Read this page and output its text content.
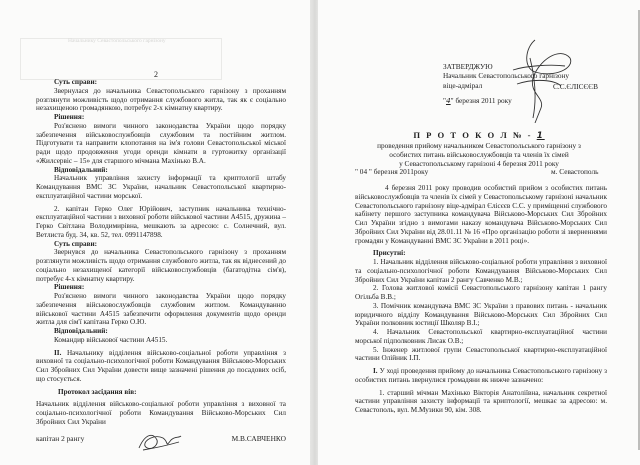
Начальнику Севастопольського гарнізону
2

Суть справи:

Звернулася до начальника Севастопольського гарнізону з проханням розглянути можливість щодо отримання службового житла, так як є соціально незахищеною громадянкою, потребує 2-х кімнатну квартиру.

Рішення:

Роз'яснено вимоги чинного законодавства України щодо порядку забезпечення військовослужбовців службовим та постійним житлом. Підготувати та направити клопотання на ім'я голови Севастопольської міської ради щодо продовження угоди оренди кімнати в гуртожитку організації «Жилсервіс – 15» для старшого мічмана Махінько В.А.

Відповідальний:

Начальник управління захисту інформації та криптології штабу Командування ВМС ЗС України, начальник Севастопольської квартирно-експлуатаційної частини морської.

2. капітан Герко Олег Юрійович, заступник начальника технічно-експлуатаційної частини з виховної роботи військової частини А4515, дружина – Герко Світлана Володимирівна, мешкають за адресою: с. Солнечний, вул. Ветлиста буд. 34, кв. 52, тел. 0991147898.

Суть справи:

Звернувся до начальника Севастопольського гарнізону з проханням розглянути можливість щодо отримання службового житла, так як віднесений до соціально незахищеної категорії військовослужбовців (багатодітна сім'я), потребує 4-х кімнатну квартиру.

Рішення:

Роз'яснено вимоги чинного законодавства України щодо порядку забезпечення військовослужбовців службовим житлом. Командуванню військової частини А4515 забезпечити оформлення документів щодо оренди житла для сім'ї капітана Герко О.Ю.

Відповідальний:

Командир військової частини А4515.

II. Начальнику відділення військово-соціальної роботи управління з виховної та соціально-психологічної роботи Командування Військово-Морських Сил Збройних Сил України довести вище зазначені рішення до посадових осіб, що стосується.

Протокол засідання вів:

Начальник відділення військово-соціальної роботи управління з виховної та соціально-психологічної роботи Командування Військово-Морських Сил Збройних Сил України

капітан 2 рангу	М.В.САВЧЕНКО
ЗАТВЕРДЖУЮ
Начальник Севастопольського гарнізону
віце-адмірал	С.С.ЄЛІСЄЄВ
"4" березня 2011 року
П Р О Т О К О Л № - 1
проведення прийому начальником Севастопольського гарнізону з
особистих питань військовослужбовців та членів їх сімей
у Севастопольському гарнізоні 4 березня 2011 року
" 04 " березня 2011року	м. Севастополь

4 березня 2011 року проводив особистий прийом з особистих питань військовослужбовців та членів їх сімей у Севастопольському гарнізоні начальник Севастопольського гарнізону віце-адмірал Єлісєєв С.С. у приміщенні службового кабінету першого заступника командувача Військово-Морських Сил Збройних Сил України згідно з вимогами наказу командувача Військово-Морських Сил Збройних Сил України від 28.01.11 № 16 «Про організацію роботи зі зверненнями громадян у Командуванні ВМС ЗС України в 2011 році».

Присутні:

1. Начальник відділення військово-соціальної роботи управління з виховної та соціально-психологічної роботи Командування Військово-Морських Сил Збройних Сил України капітан 2 рангу Савченко М.В.;

2. Голова житлової комісії Севастопольського гарнізону капітан 1 рангу Огільба В.В.;

3. Помічник командувача ВМС ЗС України з правових питань - начальник юридичного відділу Командування Військово-Морських Сил Збройних Сил України полковник юстиції Школяр В.І.;

4. Начальник Севастопольської квартирно-експлуатаційної частини морської підполковник Лисак О.В.;

5. Інженер житлової групи Севастопольської квартирно-експлуатаційної частини Олійник І.П.

I. У ході проведення прийому до начальника Севастопольського гарнізону з особистих питань звернулися громадяни як нижче зазначено:

1. старший мічман Махінько Вікторія Анатоліївна, начальник секретної частини управління захисту інформації та криптології, мешкає за адресою: м. Севастополь, вул. М.Музики 90, кім. 308.
